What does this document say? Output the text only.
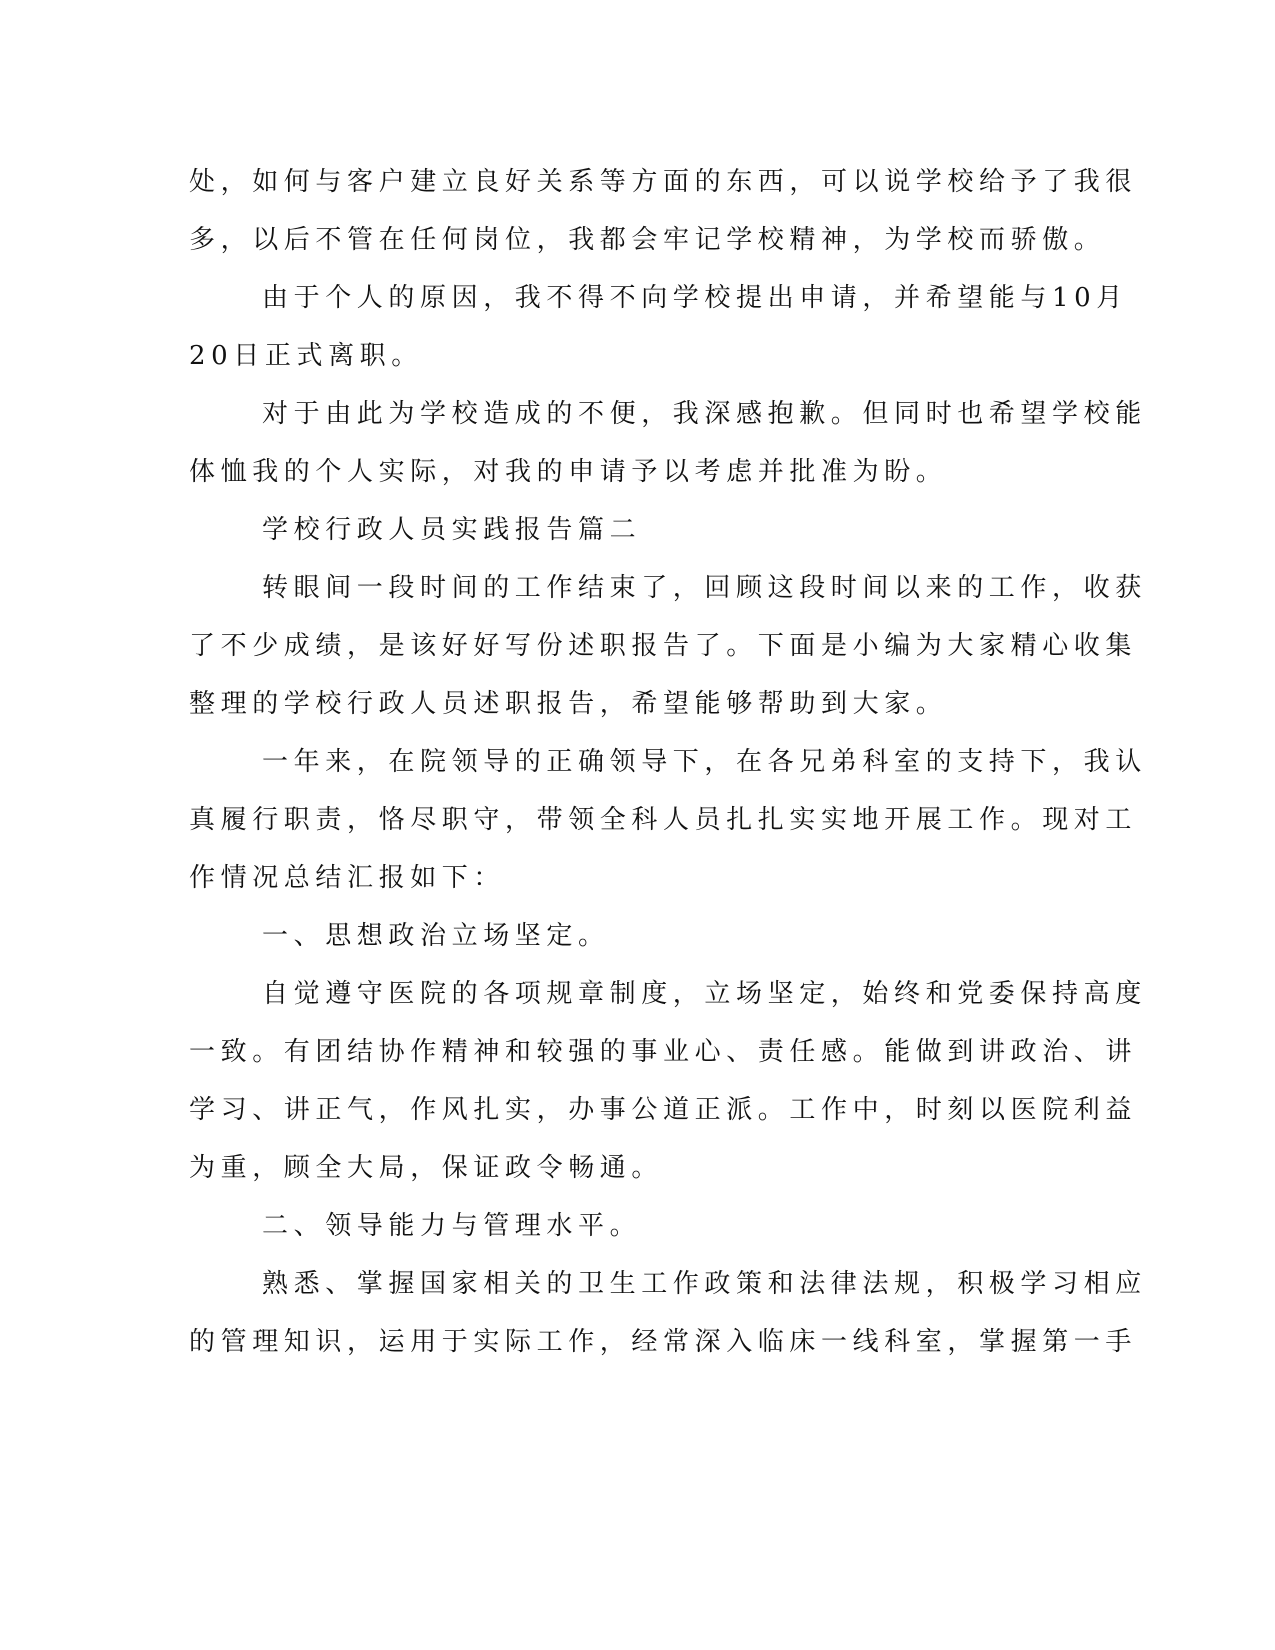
处，如何与客户建立良好关系等方面的东西，可以说学校给予了我很
多，以后不管在任何岗位，我都会牢记学校精神，为学校而骄傲。
由于个人的原因，我不得不向学校提出申请，并希望能与10月
20日正式离职。
对于由此为学校造成的不便，我深感抱歉。但同时也希望学校能
体恤我的个人实际，对我的申请予以考虑并批准为盼。
学校行政人员实践报告篇二
转眼间一段时间的工作结束了，回顾这段时间以来的工作，收获
了不少成绩，是该好好写份述职报告了。下面是小编为大家精心收集
整理的学校行政人员述职报告，希望能够帮助到大家。
一年来，在院领导的正确领导下，在各兄弟科室的支持下，我认
真履行职责，恪尽职守，带领全科人员扎扎实实地开展工作。现对工
作情况总结汇报如下：
一、思想政治立场坚定。
自觉遵守医院的各项规章制度，立场坚定，始终和党委保持高度
一致。有团结协作精神和较强的事业心、责任感。能做到讲政治、讲
学习、讲正气，作风扎实，办事公道正派。工作中，时刻以医院利益
为重，顾全大局，保证政令畅通。
二、领导能力与管理水平。
熟悉、掌握国家相关的卫生工作政策和法律法规，积极学习相应
的管理知识，运用于实际工作，经常深入临床一线科室，掌握第一手
